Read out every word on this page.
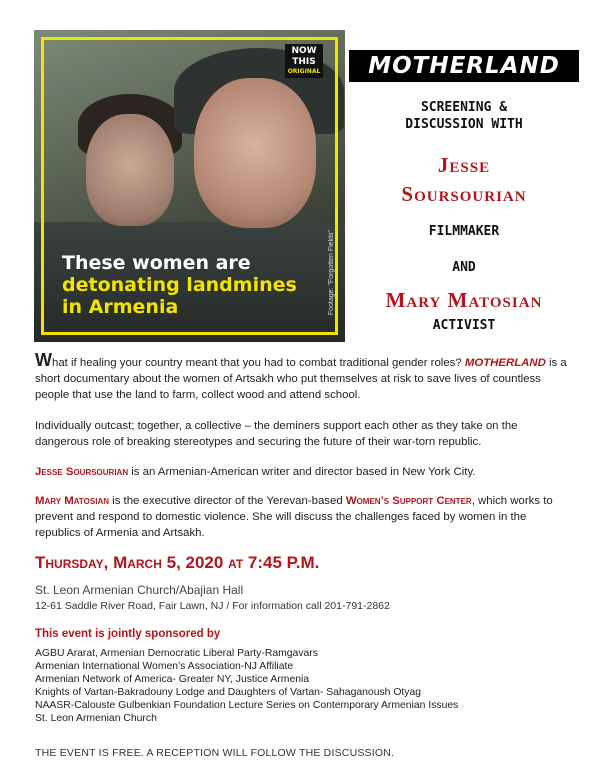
NOW
THIS
ORIGINAL
Footage: "Forgotten Fields"
These women are
detonating landmines
in Armenia
MOTHERLAND
SCREENING &
DISCUSSION WITH
Jesse
Soursourian
FILMMAKER
AND
Mary Matosian
ACTIVIST

What if healing your country meant that you had to combat traditional gender roles? MOTHERLAND is a short documentary about the women of Artsakh who put themselves at risk to save lives of countless people that use the land to farm, collect wood and attend school.

Individually outcast; together, a collective – the deminers support each other as they take on the dangerous role of breaking stereotypes and securing the future of their war-torn republic.
Jesse Soursourian is an Armenian-American writer and director based in New York City.
Mary Matosian is the executive director of the Yerevan-based Women’s Support Center, which works to prevent and respond to domestic violence. She will discuss the challenges faced by women in the republics of Armenia and Artsakh.
Thursday, March 5, 2020 at 7:45 P.M.
St. Leon Armenian Church/Abajian Hall
12-61 Saddle River Road, Fair Lawn, NJ / For information call 201-791-2862
This event is jointly sponsored by
AGBU Ararat, Armenian Democratic Liberal Party-Ramgavars
Armenian International Women’s Association-NJ Affiliate
Armenian Network of America- Greater NY, Justice Armenia
Knights of Vartan-Bakradouny Lodge and Daughters of Vartan- Sahaganoush Otyag
NAASR-Calouste Gulbenkian Foundation Lecture Series on Contemporary Armenian Issues
St. Leon Armenian Church
THE EVENT IS FREE. A RECEPTION WILL FOLLOW THE DISCUSSION.
